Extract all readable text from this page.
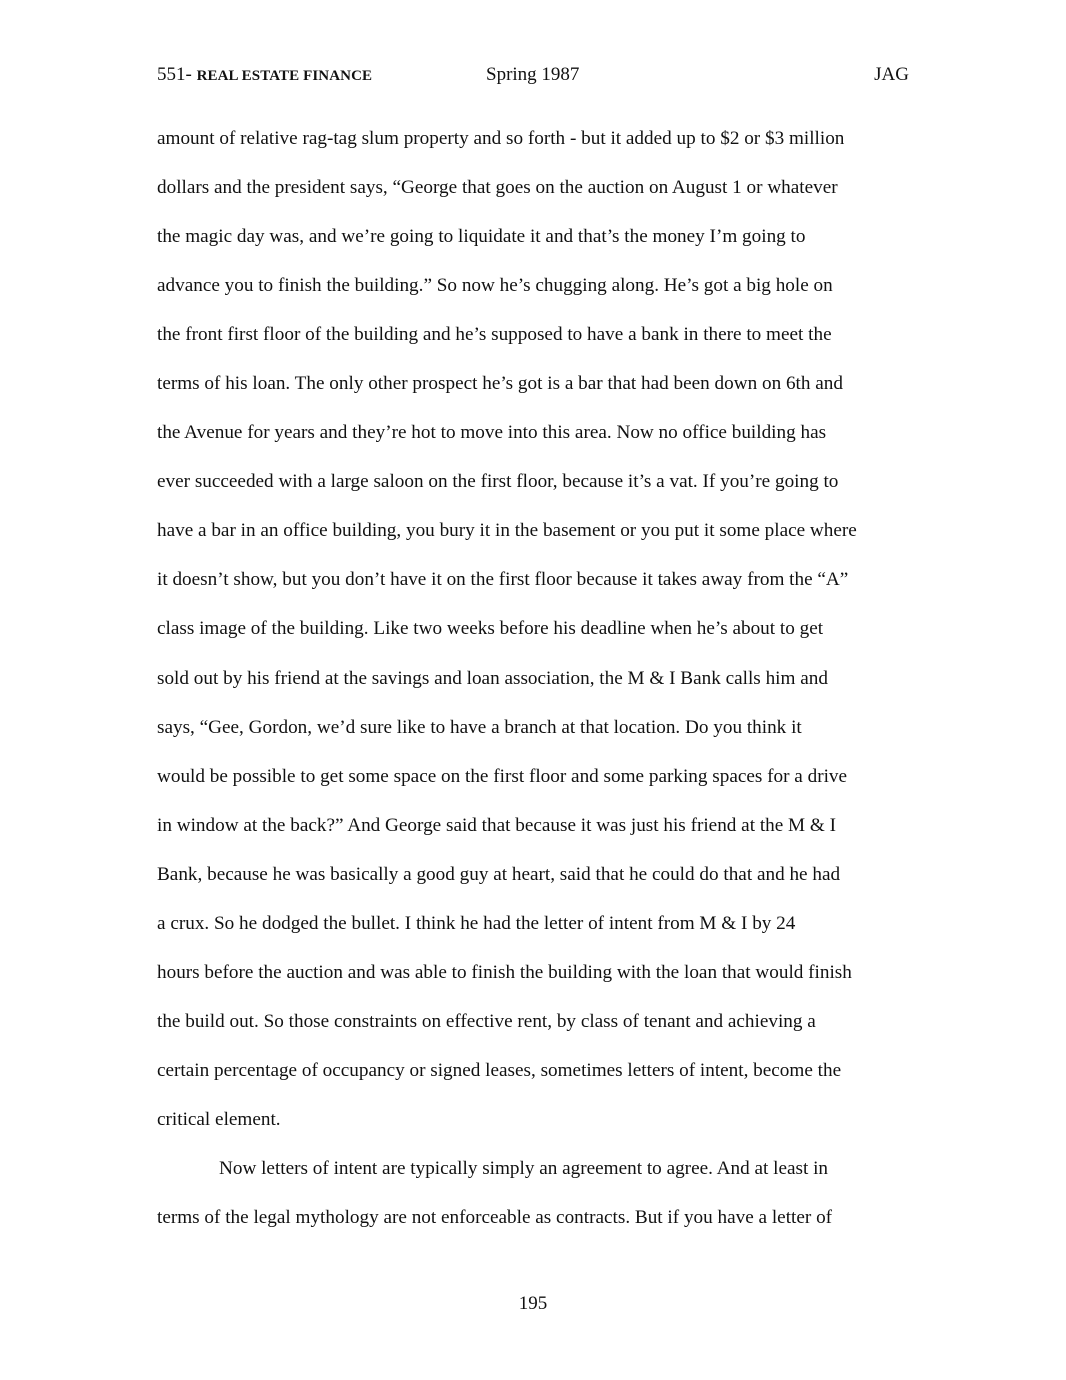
551- REAL ESTATE FINANCE	Spring 1987	JAG
amount of relative rag-tag slum property and so forth - but it added up to $2 or $3 million
dollars and the president says, “George that goes on the auction on August 1 or whatever
the magic day was, and we’re going to liquidate it and that’s the money I’m going to
advance you to finish the building.” So now he’s chugging along. He’s got a big hole on
the front first floor of the building and he’s supposed to have a bank in there to meet the
terms of his loan. The only other prospect he’s got is a bar that had been down on 6th and
the Avenue for years and they’re hot to move into this area. Now no office building has
ever succeeded with a large saloon on the first floor, because it’s a vat. If you’re going to
have a bar in an office building, you bury it in the basement or you put it some place where
it doesn’t show, but you don’t have it on the first floor because it takes away from the “A”
class image of the building. Like two weeks before his deadline when he’s about to get
sold out by his friend at the savings and loan association, the M & I Bank calls him and
says, “Gee, Gordon, we’d sure like to have a branch at that location. Do you think it
would be possible to get some space on the first floor and some parking spaces for a drive
in window at the back?” And George said that because it was just his friend at the M & I
Bank, because he was basically a good guy at heart, said that he could do that and he had
a crux. So he dodged the bullet. I think he had the letter of intent from M & I by 24
hours before the auction and was able to finish the building with the loan that would finish
the build out. So those constraints on effective rent, by class of tenant and achieving a
certain percentage of occupancy or signed leases, sometimes letters of intent, become the
critical element.
Now letters of intent are typically simply an agreement to agree. And at least in
terms of the legal mythology are not enforceable as contracts. But if you have a letter of
195
